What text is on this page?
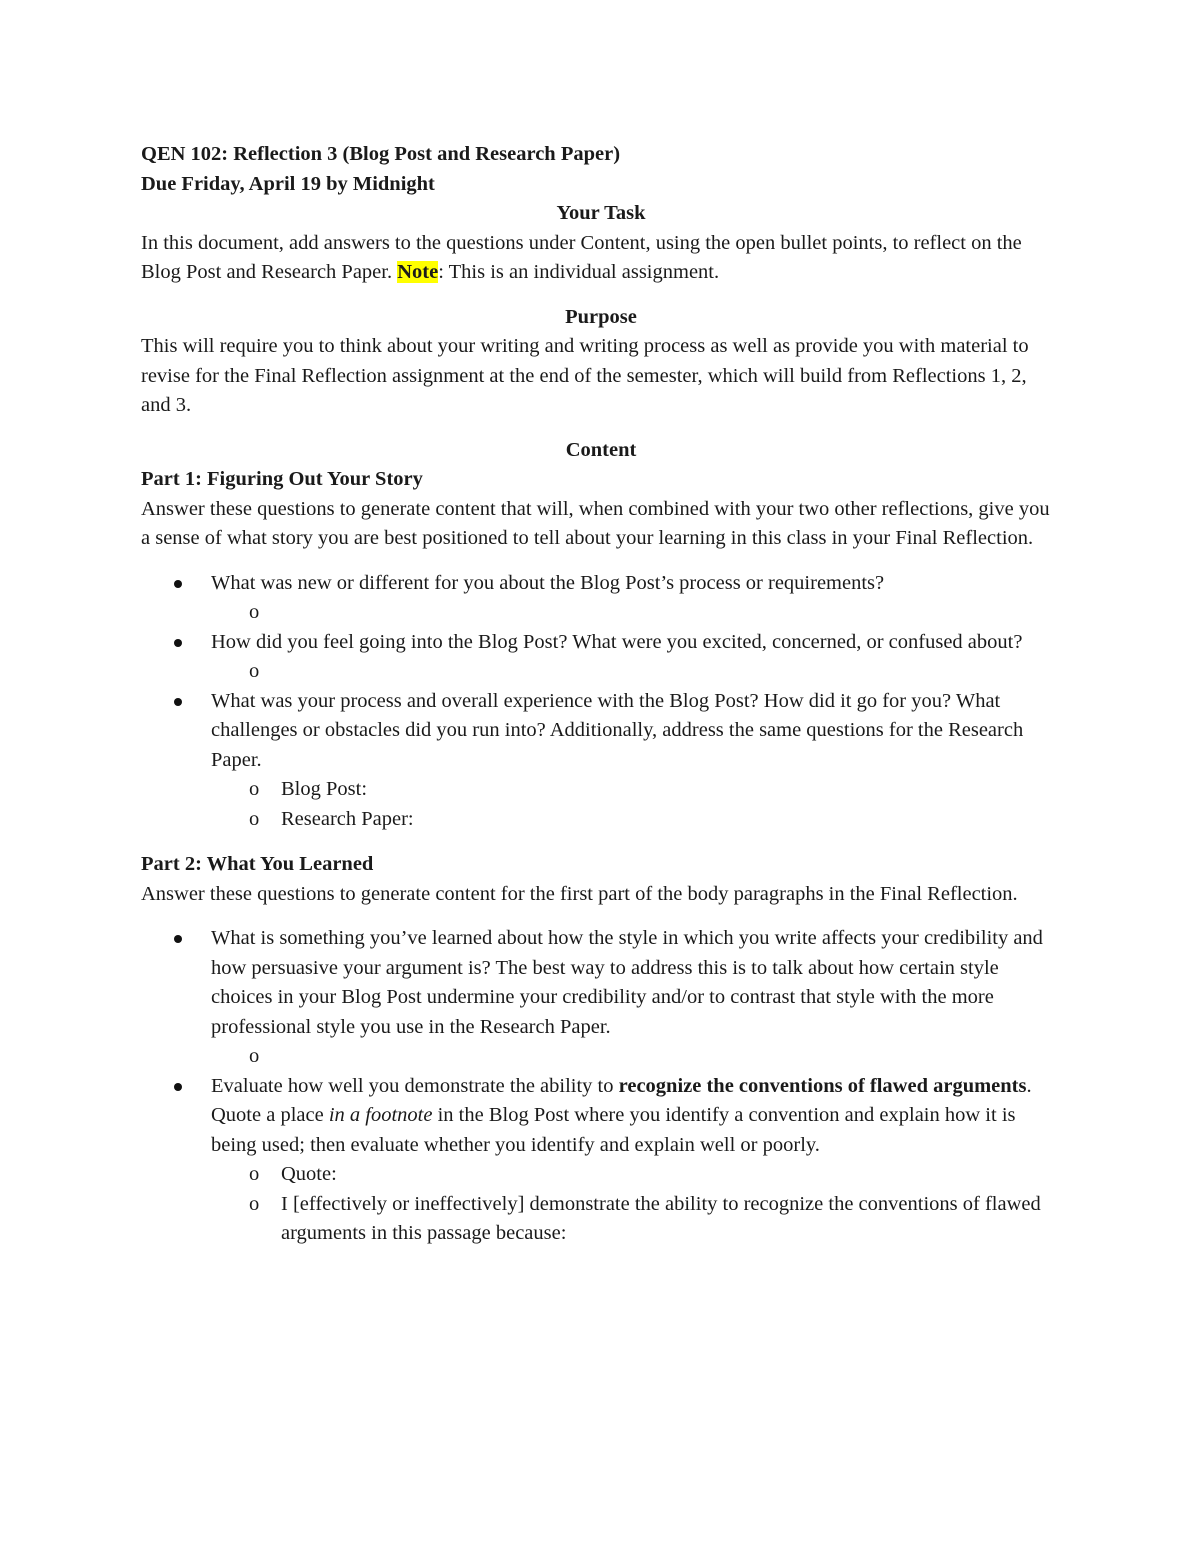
QEN 102: Reflection 3 (Blog Post and Research Paper)

Due Friday, April 19 by Midnight

Your Task

In this document, add answers to the questions under Content, using the open bullet points, to reflect on the Blog Post and Research Paper. Note: This is an individual assignment.

Purpose

This will require you to think about your writing and writing process as well as provide you with material to revise for the Final Reflection assignment at the end of the semester, which will build from Reflections 1, 2, and 3.

Content

Part 1: Figuring Out Your Story

Answer these questions to generate content that will, when combined with your two other reflections, give you a sense of what story you are best positioned to tell about your learning in this class in your Final Reflection.

What was new or different for you about the Blog Post’s process or requirements?
o
How did you feel going into the Blog Post? What were you excited, concerned, or confused about?
o
What was your process and overall experience with the Blog Post? How did it go for you? What challenges or obstacles did you run into? Additionally, address the same questions for the Research Paper.
o Blog Post:
o Research Paper:

Part 2: What You Learned

Answer these questions to generate content for the first part of the body paragraphs in the Final Reflection.

What is something you’ve learned about how the style in which you write affects your credibility and how persuasive your argument is? The best way to address this is to talk about how certain style choices in your Blog Post undermine your credibility and/or to contrast that style with the more professional style you use in the Research Paper.
o
Evaluate how well you demonstrate the ability to recognize the conventions of flawed arguments. Quote a place in a footnote in the Blog Post where you identify a convention and explain how it is being used; then evaluate whether you identify and explain well or poorly.
o Quote:
o I [effectively or ineffectively] demonstrate the ability to recognize the conventions of flawed arguments in this passage because:
